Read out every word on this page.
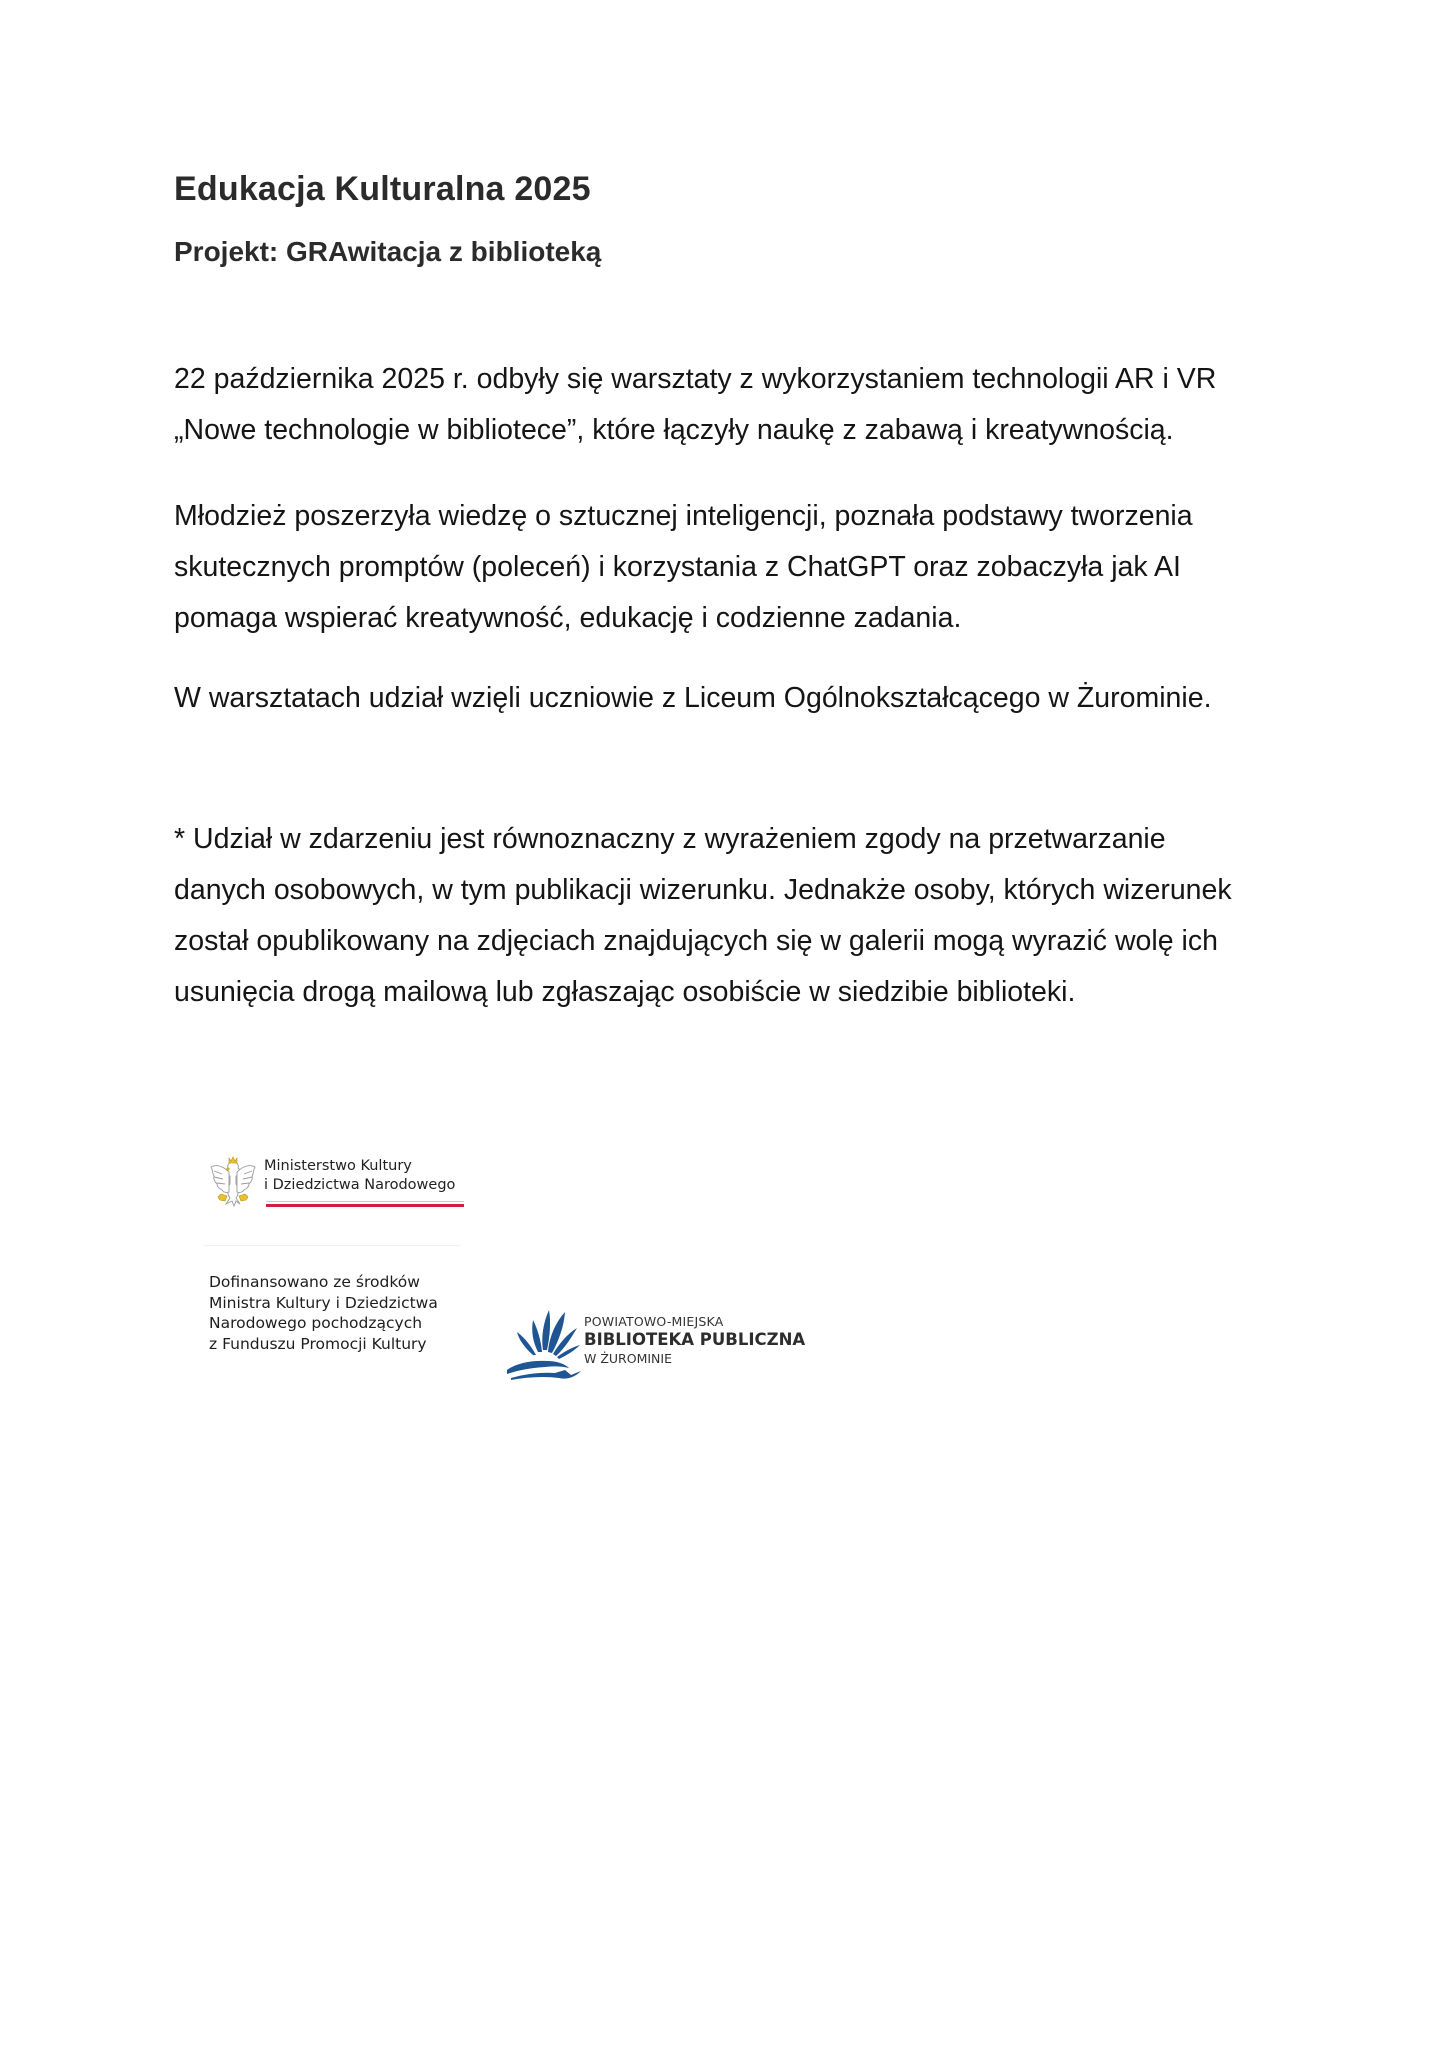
Edukacja Kulturalna 2025
Projekt: GRAwitacja z biblioteką

22 października 2025 r. odbyły się warsztaty z wykorzystaniem technologii AR i VR
„Nowe technologie w bibliotece”, które łączyły naukę z zabawą i kreatywnością.

Młodzież poszerzyła wiedzę o sztucznej inteligencji, poznała podstawy tworzenia
skutecznych promptów (poleceń) i korzystania z ChatGPT oraz zobaczyła jak AI
pomaga wspierać kreatywność, edukację i codzienne zadania.

W warsztatach udział wzięli uczniowie z Liceum Ogólnokształcącego w Żurominie.

* Udział w zdarzeniu jest równoznaczny z wyrażeniem zgody na przetwarzanie
danych osobowych, w tym publikacji wizerunku. Jednakże osoby, których wizerunek
został opublikowany na zdjęciach znajdujących się w galerii mogą wyrazić wolę ich
usunięcia drogą mailową lub zgłaszając osobiście w siedzibie biblioteki.

Ministerstwo Kultury
i Dziedzictwa Narodowego

Dofinansowano ze środków
Ministra Kultury i Dziedzictwa
Narodowego pochodzących
z Funduszu Promocji Kultury

POWIATOWO-MIEJSKA
BIBLIOTEKA PUBLICZNA
W ŻUROMINIE
